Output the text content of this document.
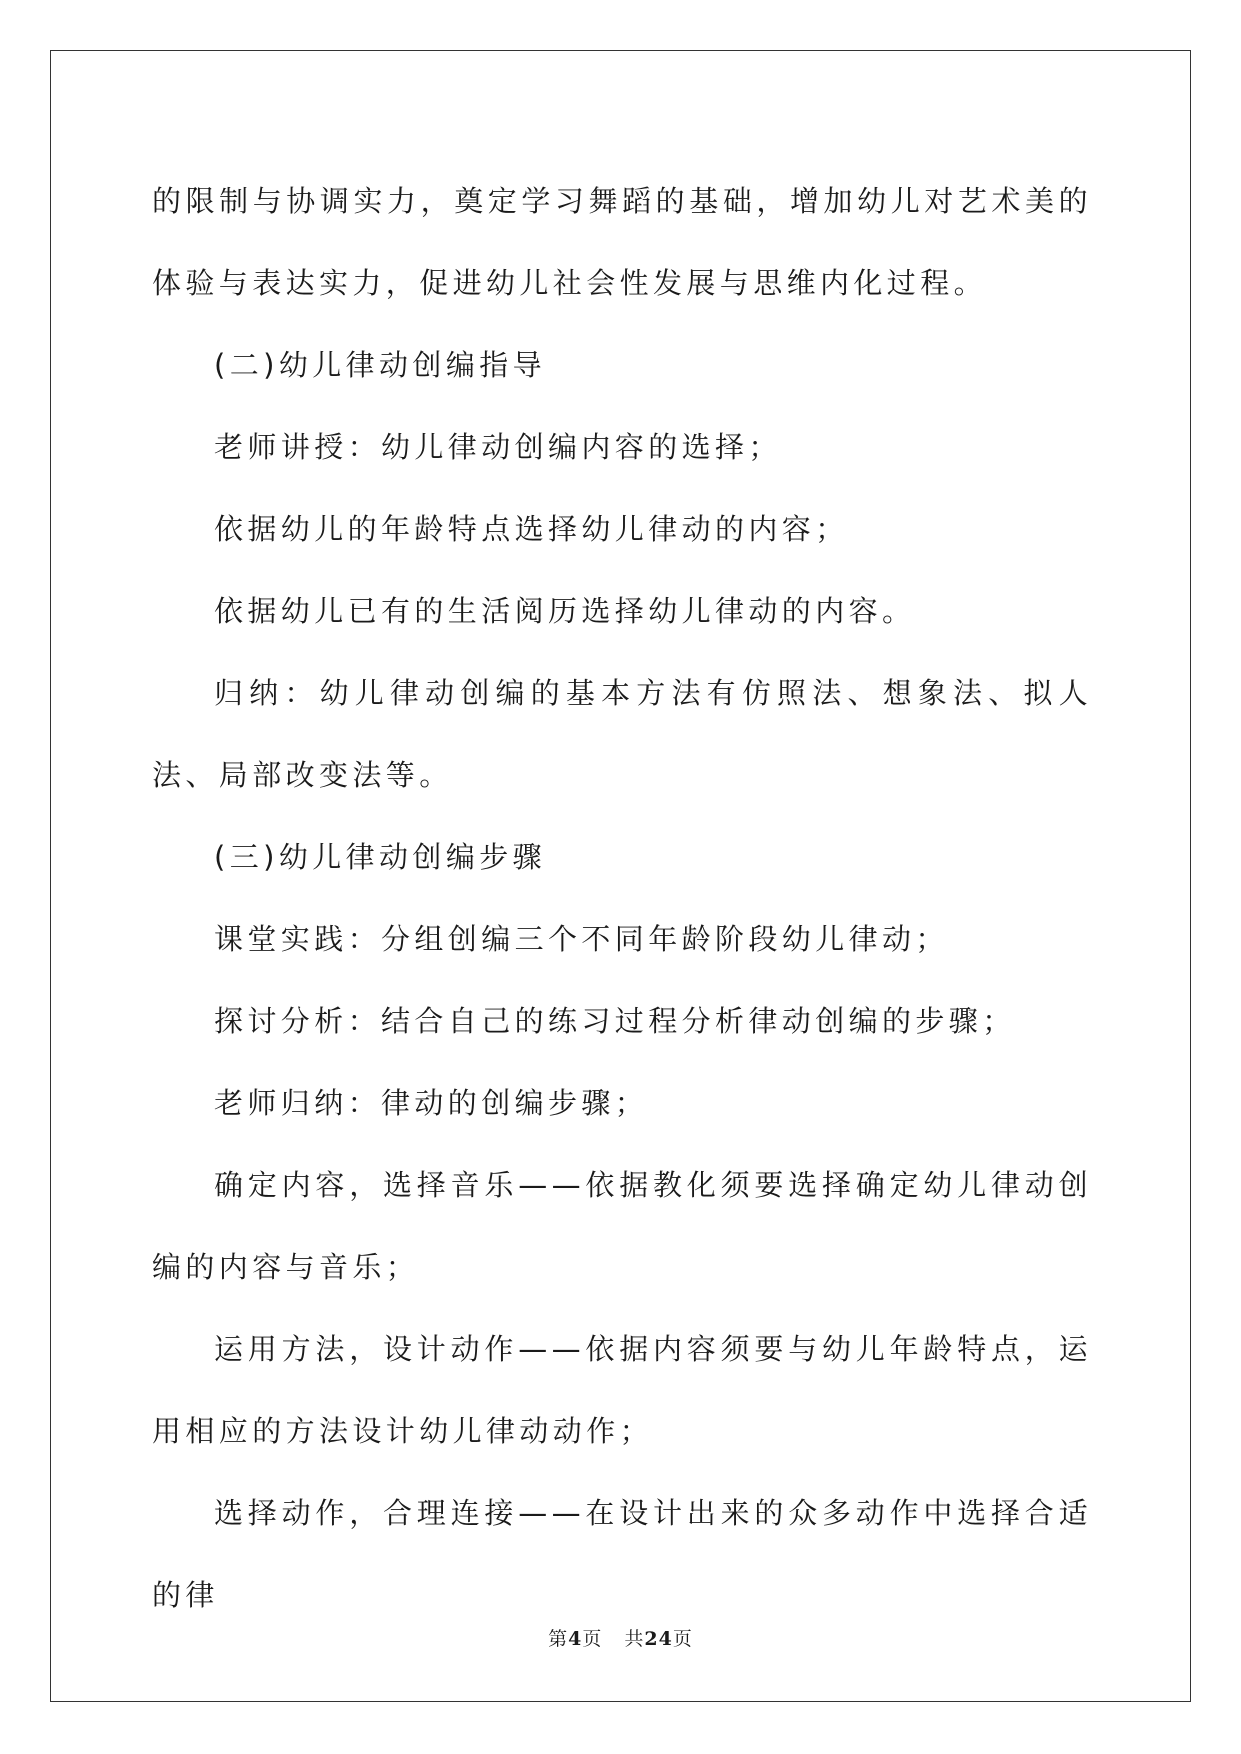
的限制与协调实力，奠定学习舞蹈的基础，增加幼儿对艺术美的体验与表达实力，促进幼儿社会性发展与思维内化过程。

(二)幼儿律动创编指导

老师讲授：幼儿律动创编内容的选择；

依据幼儿的年龄特点选择幼儿律动的内容；

依据幼儿已有的生活阅历选择幼儿律动的内容。

归纳：幼儿律动创编的基本方法有仿照法、想象法、拟人法、局部改变法等。

(三)幼儿律动创编步骤

课堂实践：分组创编三个不同年龄阶段幼儿律动；

探讨分析：结合自己的练习过程分析律动创编的步骤；

老师归纳：律动的创编步骤；

确定内容，选择音乐——依据教化须要选择确定幼儿律动创编的内容与音乐；

运用方法，设计动作——依据内容须要与幼儿年龄特点，运用相应的方法设计幼儿律动动作；

选择动作，合理连接——在设计出来的众多动作中选择合适的律

第4页 共24页
